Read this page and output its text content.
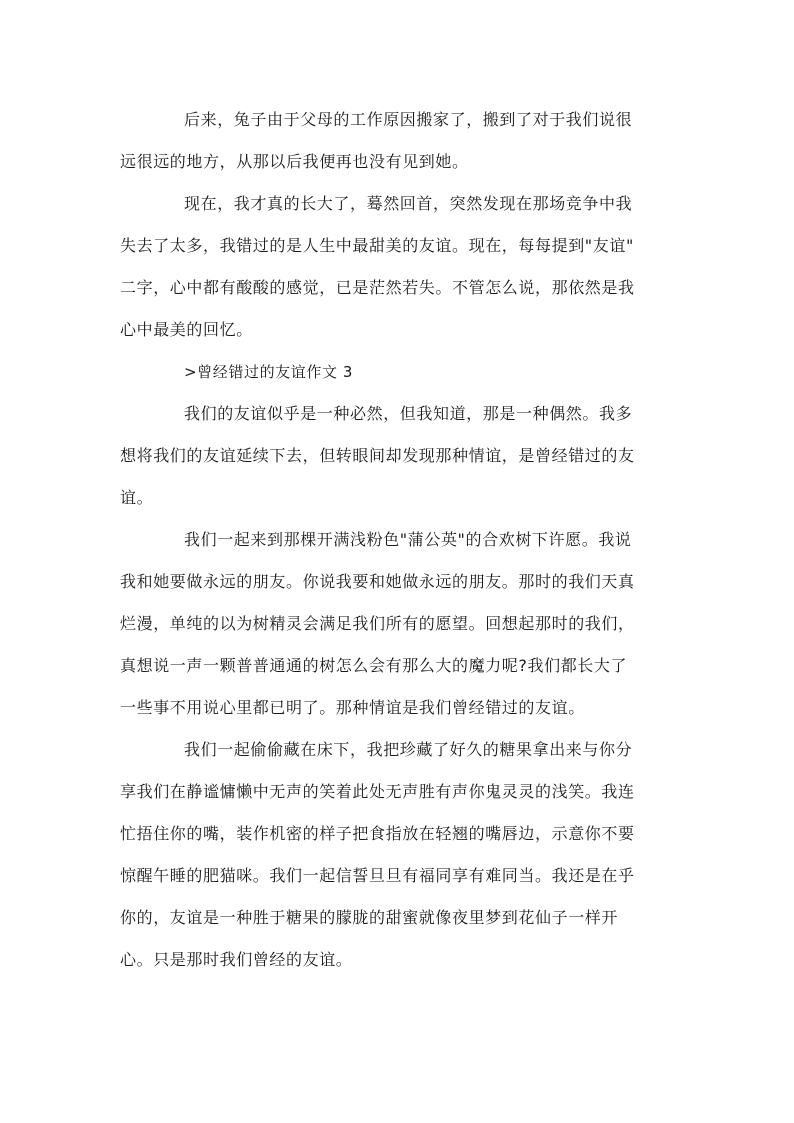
后来，兔子由于父母的工作原因搬家了，搬到了对于我们说很
远很远的地方，从那以后我便再也没有见到她。
现在，我才真的长大了，蓦然回首，突然发现在那场竞争中我
失去了太多，我错过的是人生中最甜美的友谊。现在，每每提到"友谊"
二字，心中都有酸酸的感觉，已是茫然若失。不管怎么说，那依然是我
心中最美的回忆。
>曾经错过的友谊作文 3
我们的友谊似乎是一种必然，但我知道，那是一种偶然。我多
想将我们的友谊延续下去，但转眼间却发现那种情谊，是曾经错过的友
谊。
我们一起来到那棵开满浅粉色"蒲公英"的合欢树下许愿。我说
我和她要做永远的朋友。你说我要和她做永远的朋友。那时的我们天真
烂漫，单纯的以为树精灵会满足我们所有的愿望。回想起那时的我们，
真想说一声一颗普普通通的树怎么会有那么大的魔力呢?我们都长大了
一些事不用说心里都已明了。那种情谊是我们曾经错过的友谊。
我们一起偷偷藏在床下，我把珍藏了好久的糖果拿出来与你分
享我们在静谧慵懒中无声的笑着此处无声胜有声你鬼灵灵的浅笑。我连
忙捂住你的嘴，装作机密的样子把食指放在轻翘的嘴唇边，示意你不要
惊醒午睡的肥猫咪。我们一起信誓旦旦有福同享有难同当。我还是在乎
你的，友谊是一种胜于糖果的朦胧的甜蜜就像夜里梦到花仙子一样开
心。只是那时我们曾经的友谊。
